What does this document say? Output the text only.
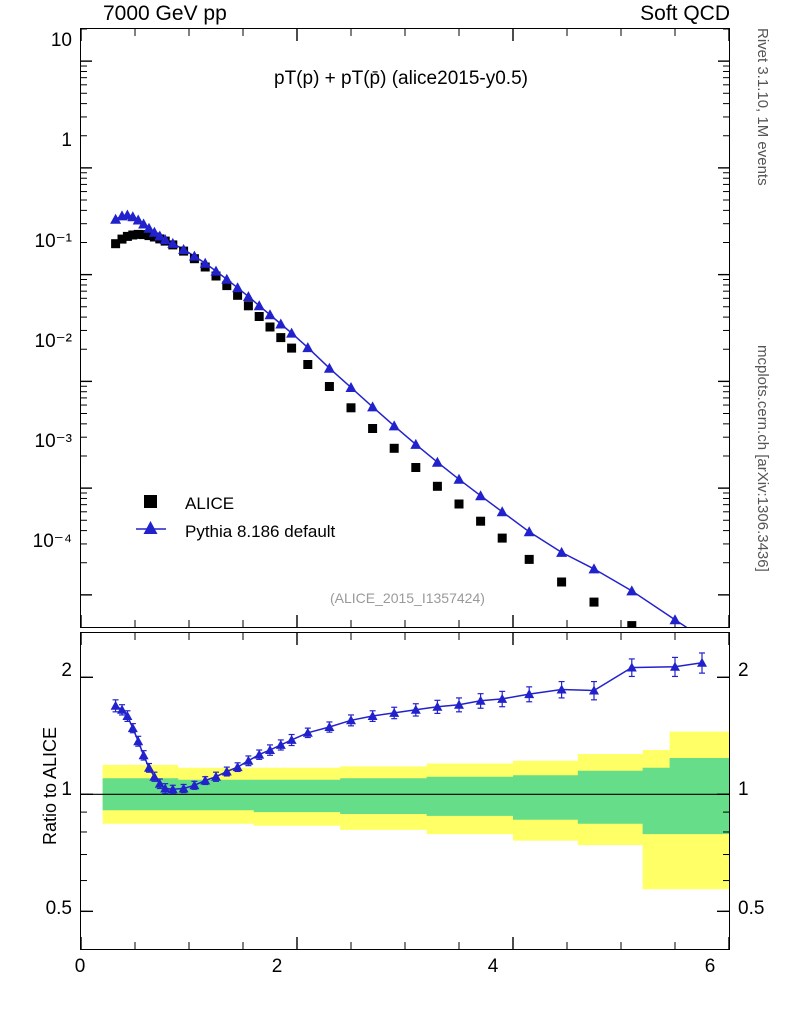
7000 GeV pp	Soft QCD
Rivet 3.1.10, 1M events
mcplots.cern.ch [arXiv:1306.3436]
pT(p) + pT(p̄) (alice2015-y0.5)
(ALICE_2015_I1357424)
10
1
10⁻¹
10⁻²
10⁻³
10⁻⁴
ALICE
Pythia 8.186 default
2
1
0.5
2
1
0.5
Ratio to ALICE
0	2	4	6
